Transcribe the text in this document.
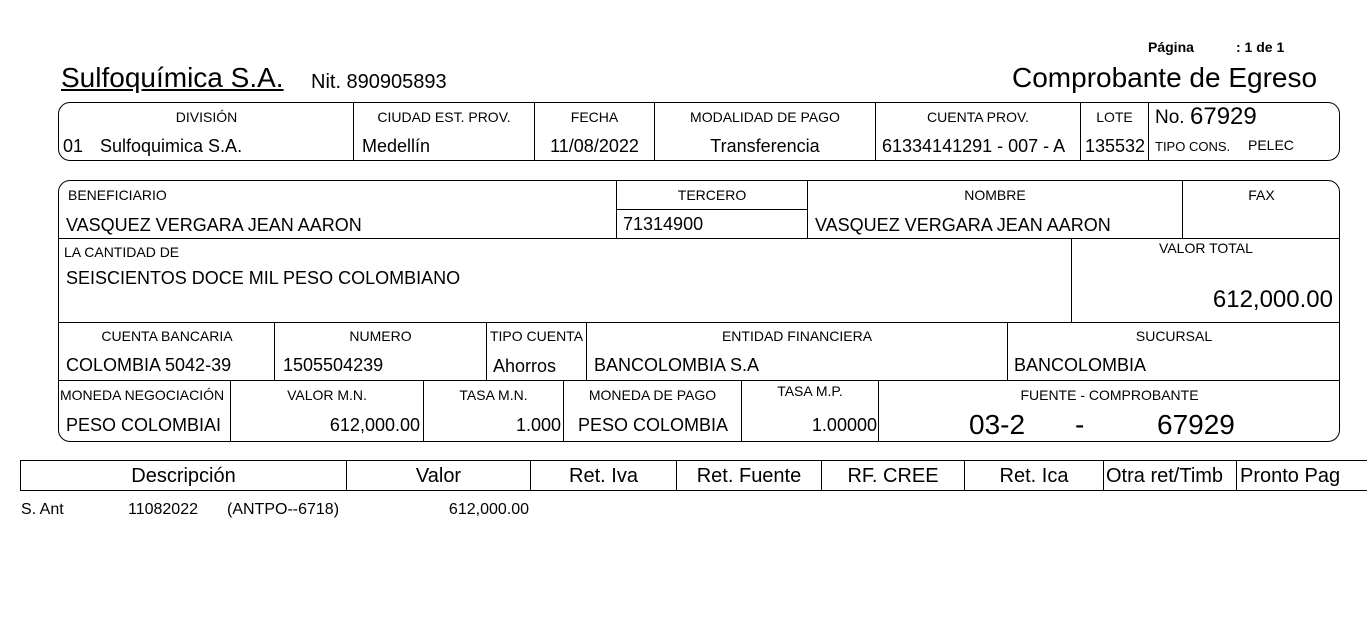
Página	: 1 de 1
Sulfoquímica S.A. Nit. 890905893	Comprobante de Egreso
DIVISIÓN
01 Sulfoquimica S.A.
CIUDAD EST. PROV.
Medellín
FECHA
11/08/2022
MODALIDAD DE PAGO
Transferencia
CUENTA PROV.
61334141291 - 007 - A
LOTE
135532
No. 67929
TIPO CONS. PELEC
BENEFICIARIO
VASQUEZ VERGARA JEAN AARON
TERCERO
71314900
NOMBRE
VASQUEZ VERGARA JEAN AARON
FAX
LA CANTIDAD DE
SEISCIENTOS DOCE MIL PESO COLOMBIANO
VALOR TOTAL
612,000.00
CUENTA BANCARIA
COLOMBIA 5042-39
NUMERO
1505504239
TIPO CUENTA
Ahorros
ENTIDAD FINANCIERA
BANCOLOMBIA S.A
SUCURSAL
BANCOLOMBIA
MONEDA NEGOCIACIÓN
PESO COLOMBIAI
VALOR M.N.
612,000.00
TASA M.N.
1.000
MONEDA DE PAGO
PESO COLOMBIA
TASA M.P.
1.00000
FUENTE - COMPROBANTE
03-2 -	67929
Descripción	Valor	Ret. Iva	Ret. Fuente	RF. CREE	Ret. Ica	Otra ret/Timb Pronto Pag
S. Ant	11082022 (ANTPO--6718)	612,000.00
